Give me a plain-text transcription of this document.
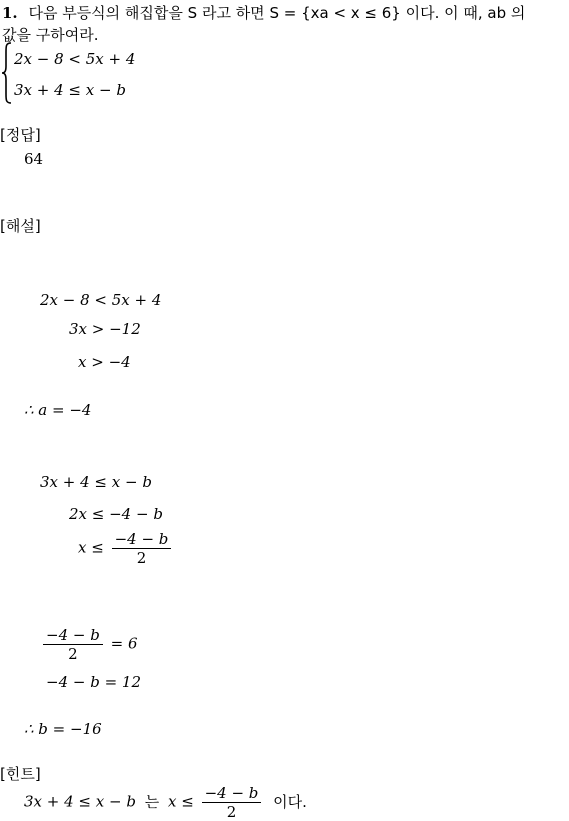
1. 다음 부등식의 해집합을 S 라고 하면 S = {xa < x ≤ 6} 이다. 이 때, ab 의
값을 구하여라.
2x − 8 < 5x + 4
3x + 4 ≤ x − b
[정답]
64
[해설]
2x − 8 < 5x + 4
3x > −12
x > −4
∴ a = −4
3x + 4 ≤ x − b
2x ≤ −4 − b
$x \le \frac{-4 - b}{2}$
$\frac{-4 - b}{2} = 6$
−4 − b = 12
∴ b = −16
[힌트]
3x + 4 ≤ x − b 는 $x \le \frac{-4 - b}{2}$ 이다.
